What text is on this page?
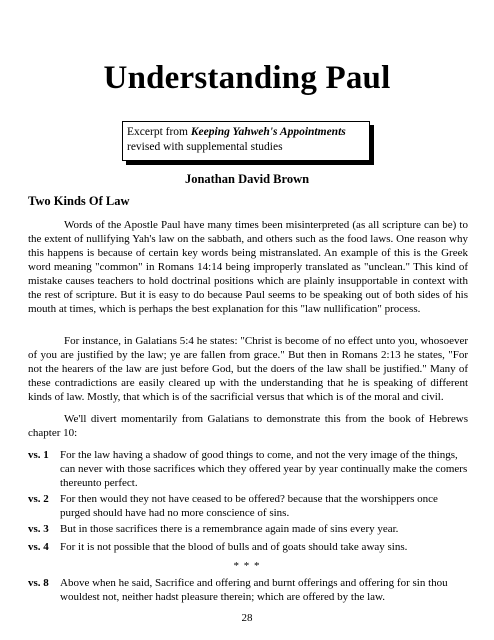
Understanding Paul
Excerpt from Keeping Yahweh's Appointments
revised with supplemental studies
Jonathan David Brown
Two Kinds Of Law

Words of the Apostle Paul have many times been misinterpreted (as all scripture can be) to the extent of nullifying Yah's law on the sabbath, and others such as the food laws. One reason why this happens is because of certain key words being mistranslated. An example of this is the Greek word meaning "common" in Romans 14:14 being improperly translated as "unclean." This kind of mistake causes teachers to hold doctrinal positions which are plainly insupportable in context with the rest of scripture. But it is easy to do because Paul seems to be speaking out of both sides of his mouth at times, which is perhaps the best explanation for this "law nullification" process.

For instance, in Galatians 5:4 he states: "Christ is become of no effect unto you, whosoever of you are justified by the law; ye are fallen from grace." But then in Romans 2:13 he states, "For not the hearers of the law are just before God, but the doers of the law shall be justified." Many of these contradictions are easily cleared up with the understanding that he is speaking of different kinds of law. Mostly, that which is of the sacrificial versus that which is of the moral and civil.

We'll divert momentarily from Galatians to demonstrate this from the book of Hebrews chapter 10:

vs. 1 For the law having a shadow of good things to come, and not the very image of the things, can never with those sacrifices which they offered year by year continually make the comers thereunto perfect.
vs. 2 For then would they not have ceased to be offered? because that the worshippers once purged should have had no more conscience of sins.
vs. 3 But in those sacrifices there is a remembrance again made of sins every year.
vs. 4 For it is not possible that the blood of bulls and of goats should take away sins.
* * *
vs. 8 Above when he said, Sacrifice and offering and burnt offerings and offering for sin thou wouldest not, neither hadst pleasure therein; which are offered by the law.
28
